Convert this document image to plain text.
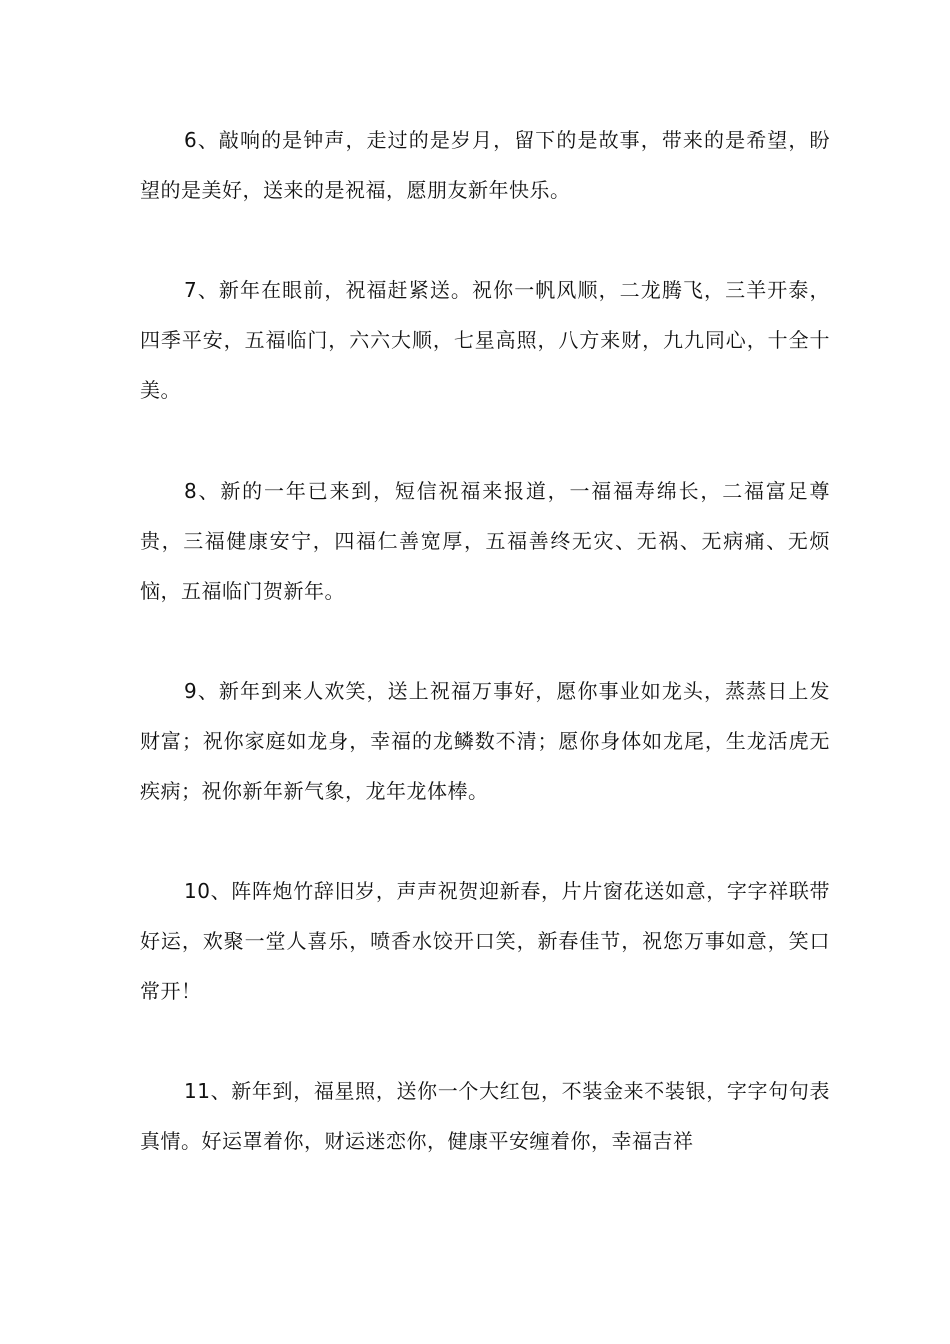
6、敲响的是钟声，走过的是岁月，留下的是故事，带来的是希望，盼望的是美好，送来的是祝福，愿朋友新年快乐。

7、新年在眼前，祝福赶紧送。祝你一帆风顺，二龙腾飞，三羊开泰，四季平安，五福临门，六六大顺，七星高照，八方来财，九九同心，十全十美。

8、新的一年已来到，短信祝福来报道，一福福寿绵长，二福富足尊贵，三福健康安宁，四福仁善宽厚，五福善终无灾、无祸、无病痛、无烦恼，五福临门贺新年。

9、新年到来人欢笑，送上祝福万事好，愿你事业如龙头，蒸蒸日上发财富；祝你家庭如龙身，幸福的龙鳞数不清；愿你身体如龙尾，生龙活虎无疾病；祝你新年新气象，龙年龙体棒。

10、阵阵炮竹辞旧岁，声声祝贺迎新春，片片窗花送如意，字字祥联带好运，欢聚一堂人喜乐，喷香水饺开口笑，新春佳节，祝您万事如意，笑口常开！

11、新年到，福星照，送你一个大红包，不装金来不装银，字字句句表真情。好运罩着你，财运迷恋你，健康平安缠着你，幸福吉祥
